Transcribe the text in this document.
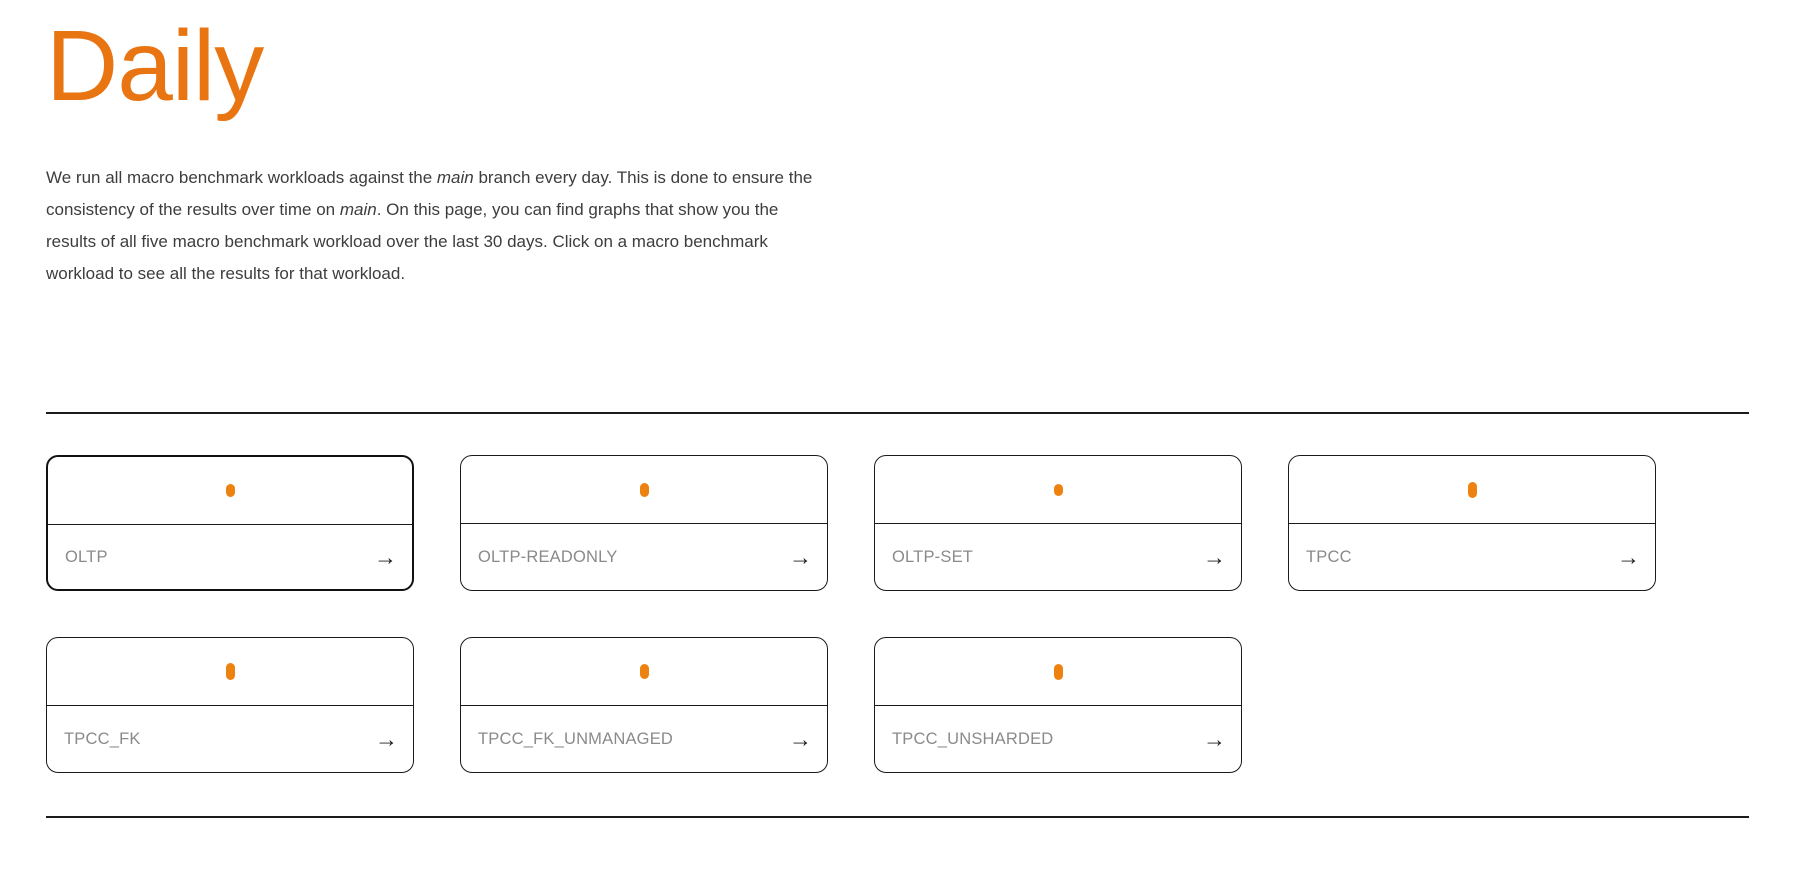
Daily

We run all macro benchmark workloads against the main branch every day. This is done to ensure the
consistency of the results over time on main. On this page, you can find graphs that show you the
results of all five macro benchmark workload over the last 30 days. Click on a macro benchmark
workload to see all the results for that workload.

OLTP	→	OLTP-READONLY	→	OLTP-SET	→	TPCC	→
TPCC_FK	→	TPCC_FK_UNMANAGED	→	TPCC_UNSHARDED	→
